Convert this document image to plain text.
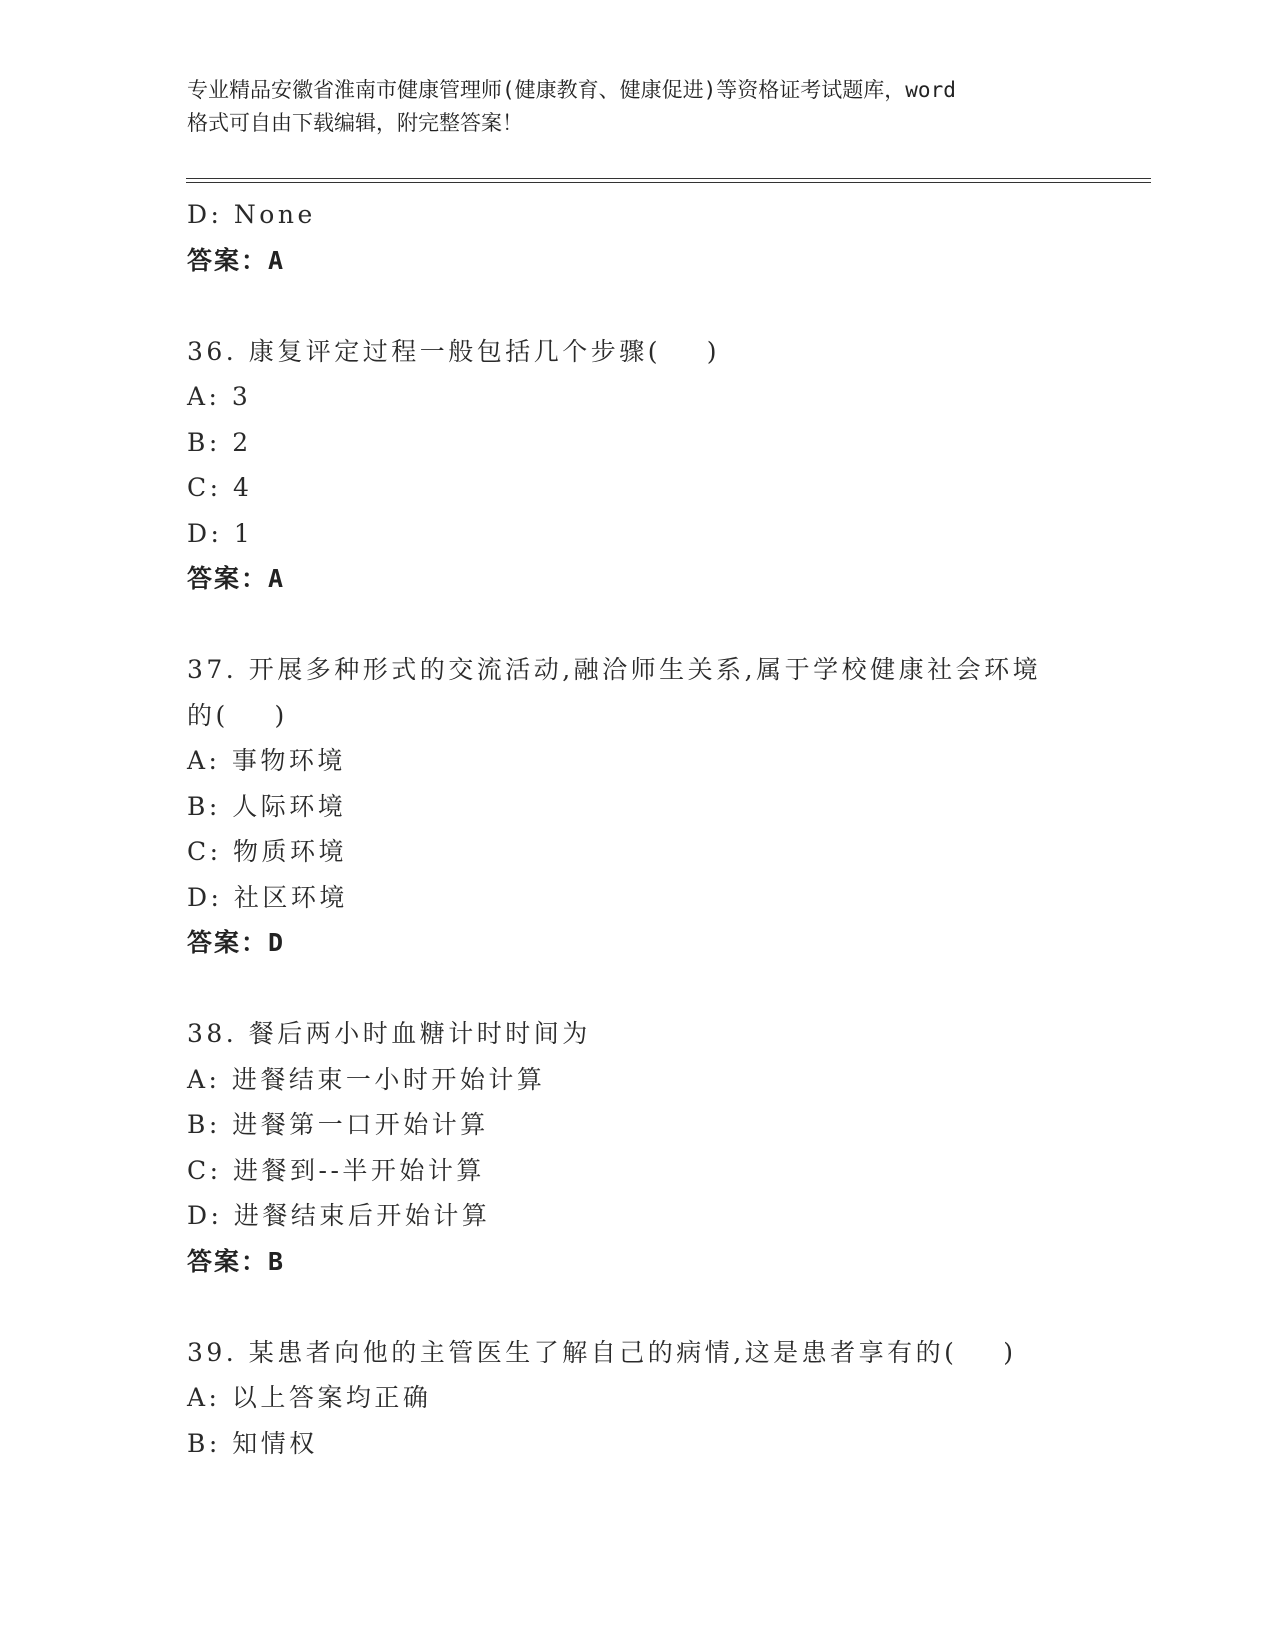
专业精品安徽省淮南市健康管理师(健康教育、健康促进)等资格证考试题库，word
格式可自由下载编辑，附完整答案！
D: None
答案：A
36. 康复评定过程一般包括几个步骤(    )
A: 3
B: 2
C: 4
D: 1
答案：A
37. 开展多种形式的交流活动,融洽师生关系,属于学校健康社会环境
的(    )
A: 事物环境
B: 人际环境
C: 物质环境
D: 社区环境
答案：D
38. 餐后两小时血糖计时时间为
A: 进餐结束一小时开始计算
B: 进餐第一口开始计算
C: 进餐到--半开始计算
D: 进餐结束后开始计算
答案：B
39. 某患者向他的主管医生了解自己的病情,这是患者享有的(    )
A: 以上答案均正确
B: 知情权
